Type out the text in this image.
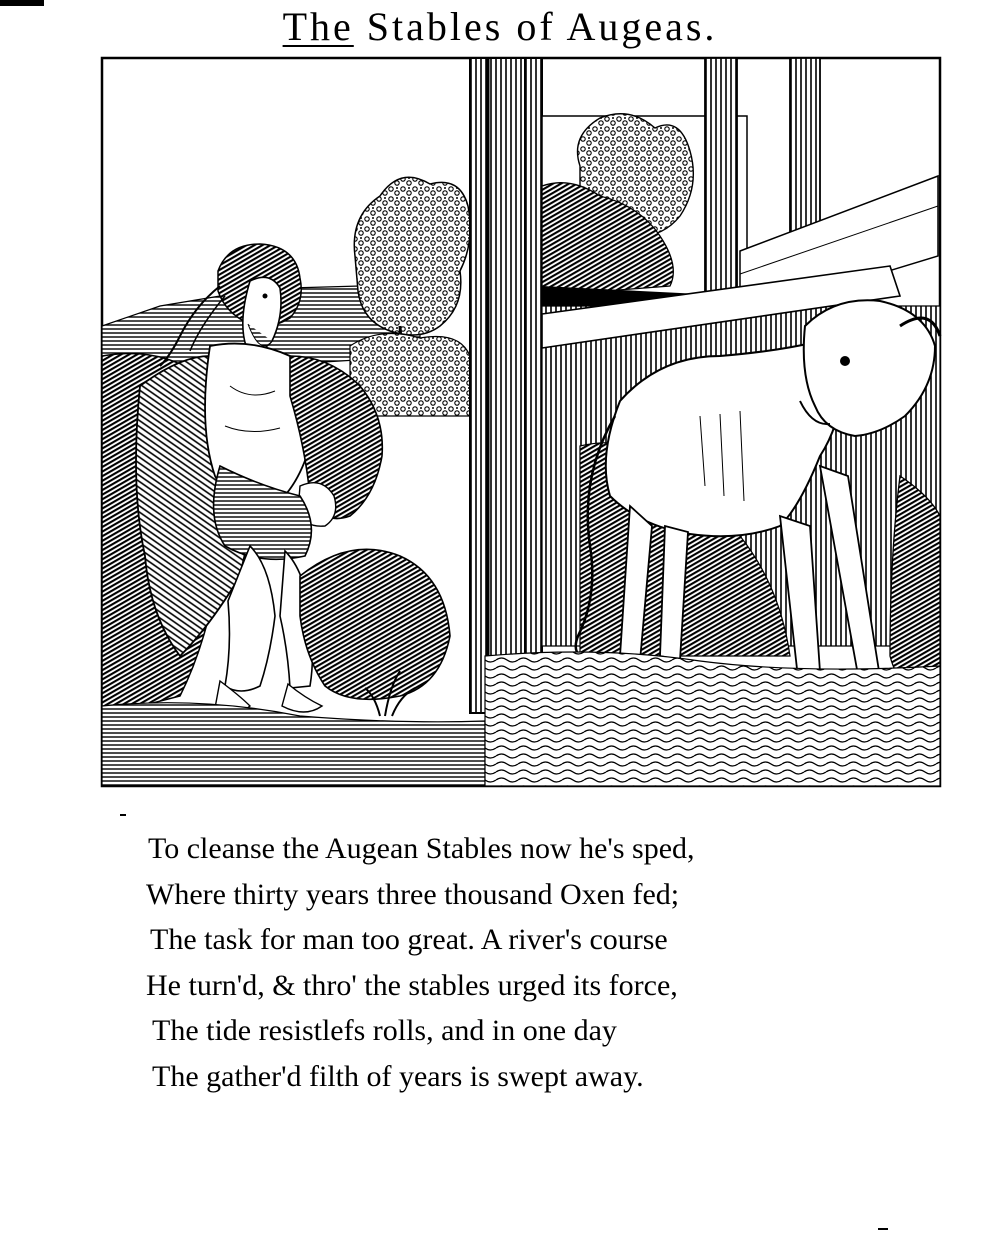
The Stables of Augeas.
To cleanse the Augean Stables now he's sped,
Where thirty years three thousand Oxen fed;
The task for man too great. A river's course
He turn'd, & thro' the stables urged its force,
The tide resistlefs rolls, and in one day
The gather'd filth of years is swept away.
